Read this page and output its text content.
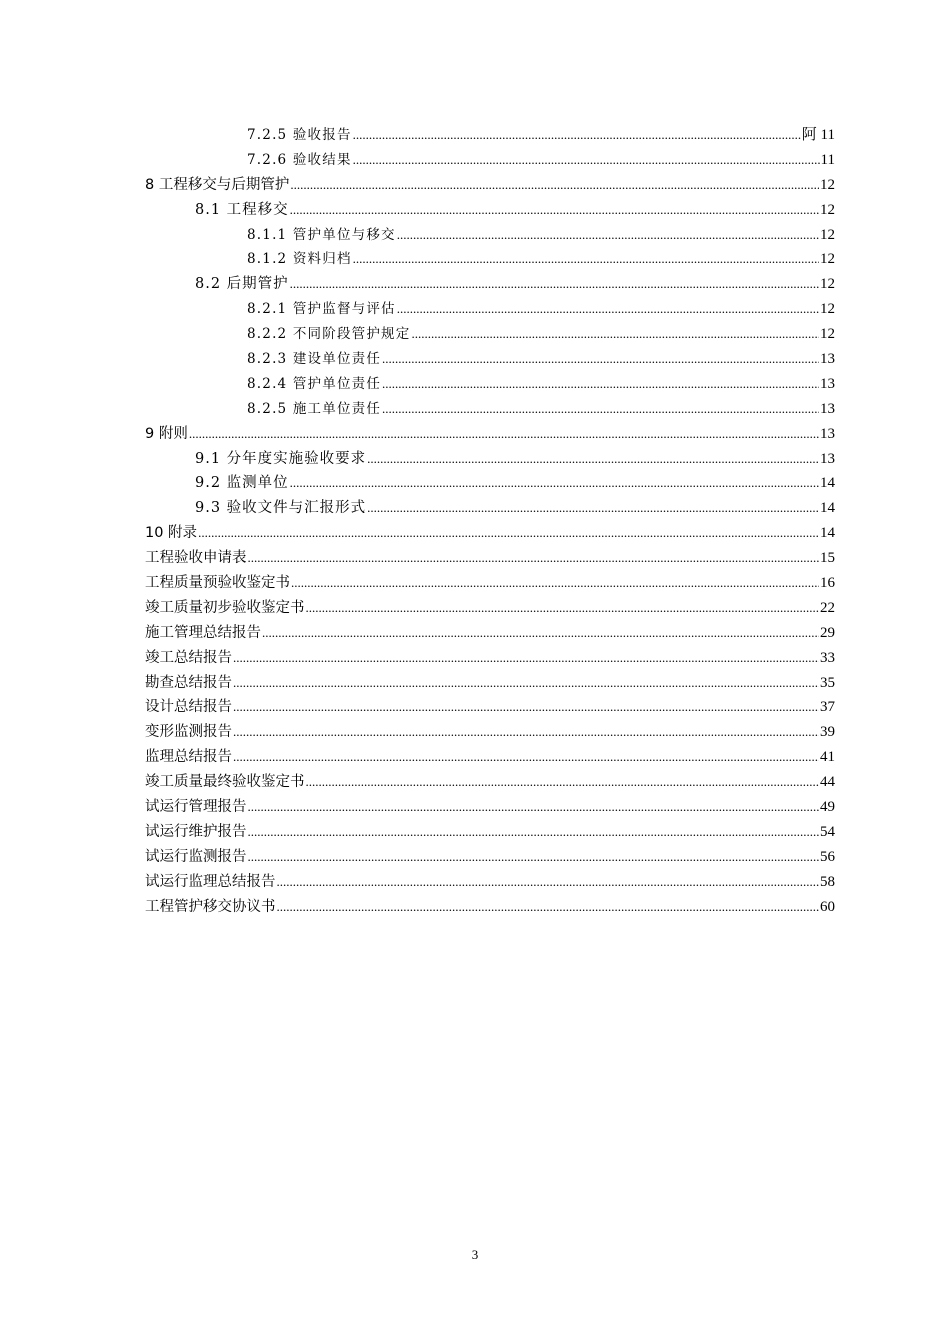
7.2.5 验收报告 .....	阿 11
7.2.6 验收结果 .....	11
8 工程移交与后期管护 .....	12
8.1 工程移交 .....	12
8.1.1 管护单位与移交 .....	12
8.1.2 资料归档 .....	12
8.2 后期管护 .....	12
8.2.1 管护监督与评估 .....	12
8.2.2 不同阶段管护规定 .....	12
8.2.3 建设单位责任 .....	13
8.2.4 管护单位责任 .....	13
8.2.5 施工单位责任 .....	13
9 附则 .....	13
9.1 分年度实施验收要求 .....	13
9.2 监测单位 .....	14
9.3 验收文件与汇报形式 .....	14
10 附录 .....	14
工程验收申请表 .....	15
工程质量预验收鉴定书 .....	16
竣工质量初步验收鉴定书 .....	22
施工管理总结报告 .....	29
竣工总结报告 .....	33
勘查总结报告 .....	35
设计总结报告 .....	37
变形监测报告 .....	39
监理总结报告 .....	41
竣工质量最终验收鉴定书 .....	44
试运行管理报告 .....	49
试运行维护报告 .....	54
试运行监测报告 .....	56
试运行监理总结报告 .....	58
工程管护移交协议书 .....	60
3
